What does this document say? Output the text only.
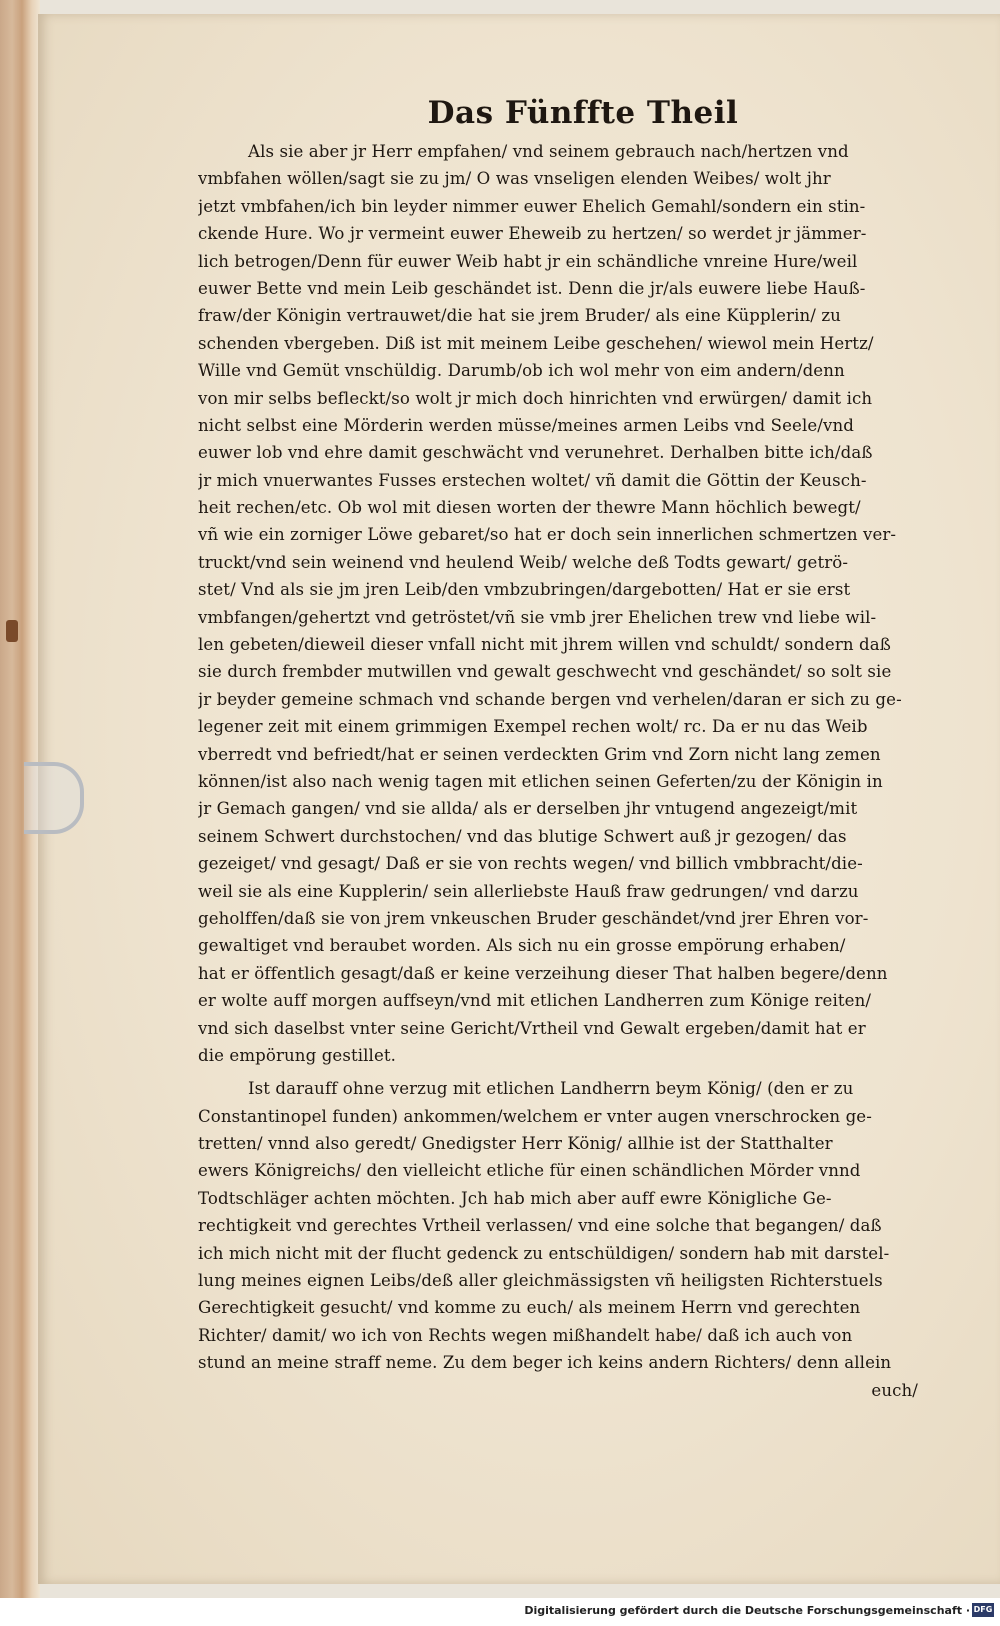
Das Fünffte Theil
Als sie aber jr Herr empfahen/ vnd seinem gebrauch nach/hertzen vnd
vmbfahen wöllen/sagt sie zu jm/ O was vnseligen elenden Weibes/ wolt jhr
jetzt vmbfahen/ich bin leyder nimmer euwer Ehelich Gemahl/sondern ein stin-
ckende Hure. Wo jr vermeint euwer Eheweib zu hertzen/ so werdet jr jämmer-
lich betrogen/Denn für euwer Weib habt jr ein schändliche vnreine Hure/weil
euwer Bette vnd mein Leib geschändet ist. Denn die jr/als euwere liebe Hauß-
fraw/der Königin vertrauwet/die hat sie jrem Bruder/ als eine Küpplerin/ zu
schenden vbergeben. Diß ist mit meinem Leibe geschehen/ wiewol mein Hertz/
Wille vnd Gemüt vnschüldig. Darumb/ob ich wol mehr von eim andern/denn
von mir selbs befleckt/so wolt jr mich doch hinrichten vnd erwürgen/ damit ich
nicht selbst eine Mörderin werden müsse/meines armen Leibs vnd Seele/vnd
euwer lob vnd ehre damit geschwächt vnd verunehret. Derhalben bitte ich/daß
jr mich vnuerwantes Fusses erstechen woltet/ vñ damit die Göttin der Keusch-
heit rechen/etc. Ob wol mit diesen worten der thewre Mann höchlich bewegt/
vñ wie ein zorniger Löwe gebaret/so hat er doch sein innerlichen schmertzen ver-
truckt/vnd sein weinend vnd heulend Weib/ welche deß Todts gewart/ getrö-
stet/ Vnd als sie jm jren Leib/den vmbzubringen/dargebotten/ Hat er sie erst
vmbfangen/gehertzt vnd getröstet/vñ sie vmb jrer Ehelichen trew vnd liebe wil-
len gebeten/dieweil dieser vnfall nicht mit jhrem willen vnd schuldt/ sondern daß
sie durch frembder mutwillen vnd gewalt geschwecht vnd geschändet/ so solt sie
jr beyder gemeine schmach vnd schande bergen vnd verhelen/daran er sich zu ge-
legener zeit mit einem grimmigen Exempel rechen wolt/ rc. Da er nu das Weib
vberredt vnd befriedt/hat er seinen verdeckten Grim vnd Zorn nicht lang zemen
können/ist also nach wenig tagen mit etlichen seinen Geferten/zu der Königin in
jr Gemach gangen/ vnd sie allda/ als er derselben jhr vntugend angezeigt/mit
seinem Schwert durchstochen/ vnd das blutige Schwert auß jr gezogen/ das
gezeiget/ vnd gesagt/ Daß er sie von rechts wegen/ vnd billich vmbbracht/die-
weil sie als eine Kupplerin/ sein allerliebste Hauß fraw gedrungen/ vnd darzu
geholffen/daß sie von jrem vnkeuschen Bruder geschändet/vnd jrer Ehren vor-
gewaltiget vnd beraubet worden. Als sich nu ein grosse empörung erhaben/
hat er öffentlich gesagt/daß er keine verzeihung dieser That halben begere/denn
er wolte auff morgen auffseyn/vnd mit etlichen Landherren zum Könige reiten/
vnd sich daselbst vnter seine Gericht/Vrtheil vnd Gewalt ergeben/damit hat er
die empörung gestillet.
Ist darauff ohne verzug mit etlichen Landherrn beym König/ (den er zu
Constantinopel funden) ankommen/welchem er vnter augen vnerschrocken ge-
tretten/ vnnd also geredt/ Gnedigster Herr König/ allhie ist der Statthalter
ewers Königreichs/ den vielleicht etliche für einen schändlichen Mörder vnnd
Todtschläger achten möchten. Jch hab mich aber auff ewre Königliche Ge-
rechtigkeit vnd gerechtes Vrtheil verlassen/ vnd eine solche that begangen/ daß
ich mich nicht mit der flucht gedenck zu entschüldigen/ sondern hab mit darstel-
lung meines eignen Leibs/deß aller gleichmässigsten vñ heiligsten Richterstuels
Gerechtigkeit gesucht/ vnd komme zu euch/ als meinem Herrn vnd gerechten
Richter/ damit/ wo ich von Rechts wegen mißhandelt habe/ daß ich auch von
stund an meine straff neme. Zu dem beger ich keins andern Richters/ denn allein
euch/
Digitalisierung gefördert durch die Deutsche Forschungsgemeinschaft · DFG
